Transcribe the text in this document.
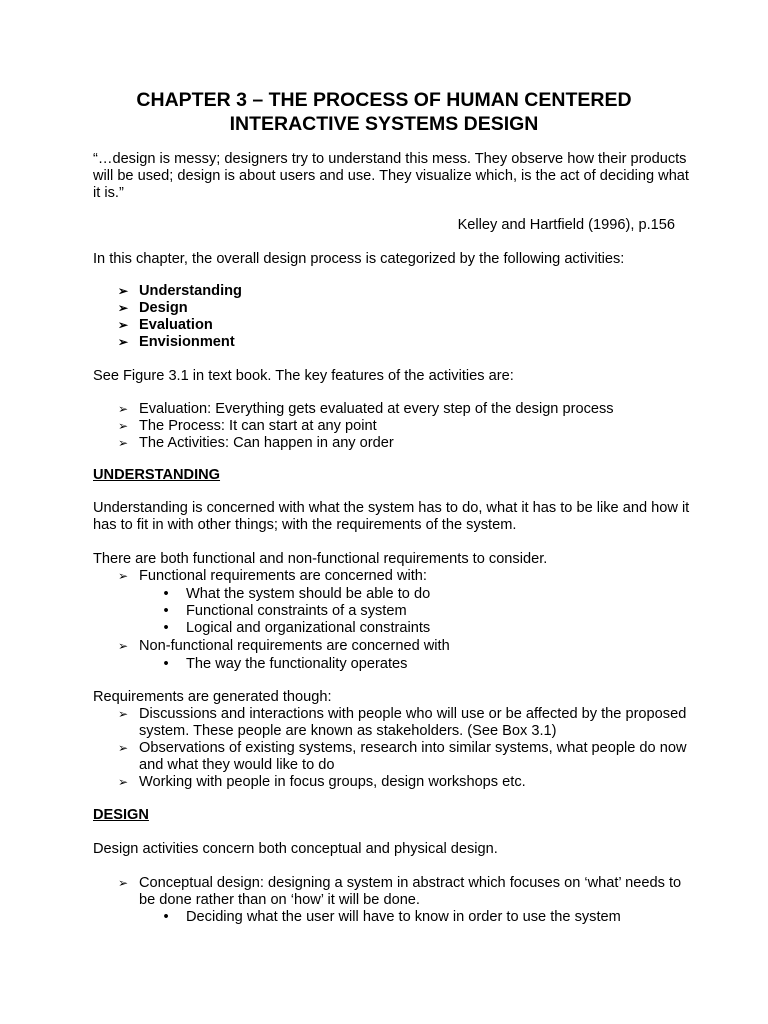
CHAPTER 3 – THE PROCESS OF HUMAN CENTERED
INTERACTIVE SYSTEMS DESIGN

“…design is messy; designers try to understand this mess. They observe how their products will be used; design is about users and use. They visualize which, is the act of deciding what it is.”

Kelley and Hartfield (1996), p.156

In this chapter, the overall design process is categorized by the following activities:

➢ Understanding
➢ Design
➢ Evaluation
➢ Envisionment

See Figure 3.1 in text book. The key features of the activities are:

➢ Evaluation: Everything gets evaluated at every step of the design process
➢ The Process: It can start at any point
➢ The Activities: Can happen in any order

UNDERSTANDING

Understanding is concerned with what the system has to do, what it has to be like and how it has to fit in with other things; with the requirements of the system.

There are both functional and non-functional requirements to consider.

➢ Functional requirements are concerned with:
• What the system should be able to do
• Functional constraints of a system
• Logical and organizational constraints
➢ Non-functional requirements are concerned with
• The way the functionality operates

Requirements are generated though:

➢ Discussions and interactions with people who will use or be affected by the proposed system. These people are known as stakeholders. (See Box 3.1)
➢ Observations of existing systems, research into similar systems, what people do now and what they would like to do
➢ Working with people in focus groups, design workshops etc.

DESIGN

Design activities concern both conceptual and physical design.

➢ Conceptual design: designing a system in abstract which focuses on ‘what’ needs to be done rather than on ‘how’ it will be done.
• Deciding what the user will have to know in order to use the system
